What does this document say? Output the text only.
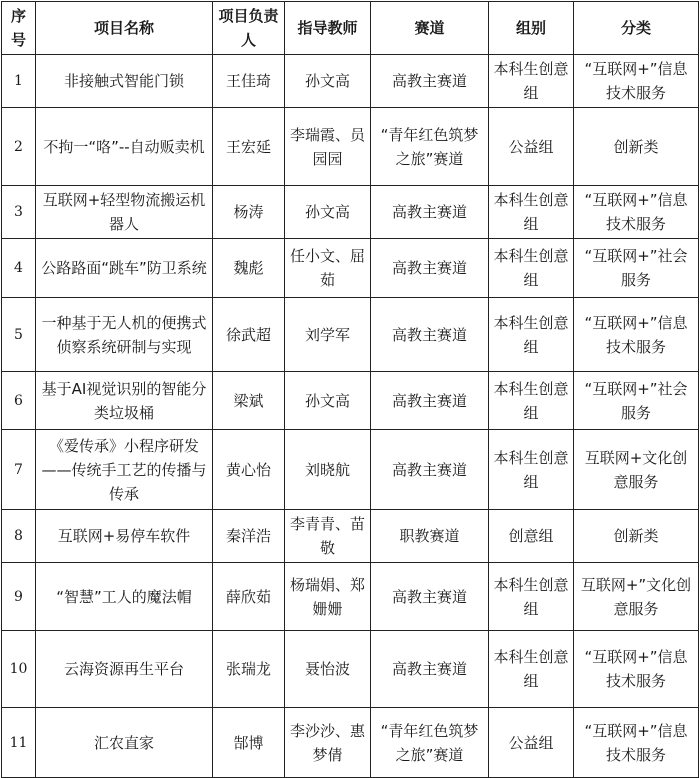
序号	项目名称	项目负责人	指导教师	赛道	组别	分类
1	非接触式智能门锁	王佳琦	孙文高	高教主赛道	本科生创意组	“互联网+”信息技术服务
2	不拘一“咯”--自动贩卖机	王宏延	李瑞霞、员园园	“青年红色筑梦之旅”赛道	公益组	创新类
3	互联网+轻型物流搬运机器人	杨涛	孙文高	高教主赛道	本科生创意组	“互联网+”信息技术服务
4	公路路面“跳车”防卫系统	魏彪	任小文、屈茹	高教主赛道	本科生创意组	“互联网+”社会服务
5	一种基于无人机的便携式侦察系统研制与实现	徐武超	刘学军	高教主赛道	本科生创意组	“互联网+”信息技术服务
6	基于AI视觉识别的智能分类垃圾桶	梁斌	孙文高	高教主赛道	本科生创意组	“互联网+”社会服务
7	《爱传承》小程序研发——传统手工艺的传播与传承	黄心怡	刘晓航	高教主赛道	本科生创意组	互联网+文化创意服务
8	互联网+易停车软件	秦洋浩	李青青、苗敬	职教赛道	创意组	创新类
9	“智慧”工人的魔法帽	薛欣茹	杨瑞娟、郑姗姗	高教主赛道	本科生创意组	互联网+”文化创意服务
10	云海资源再生平台	张瑞龙	聂怡波	高教主赛道	本科生创意组	“互联网+”信息技术服务
11	汇农直家	郜博	李沙沙、惠梦倩	“青年红色筑梦之旅”赛道	公益组	“互联网+”信息技术服务
